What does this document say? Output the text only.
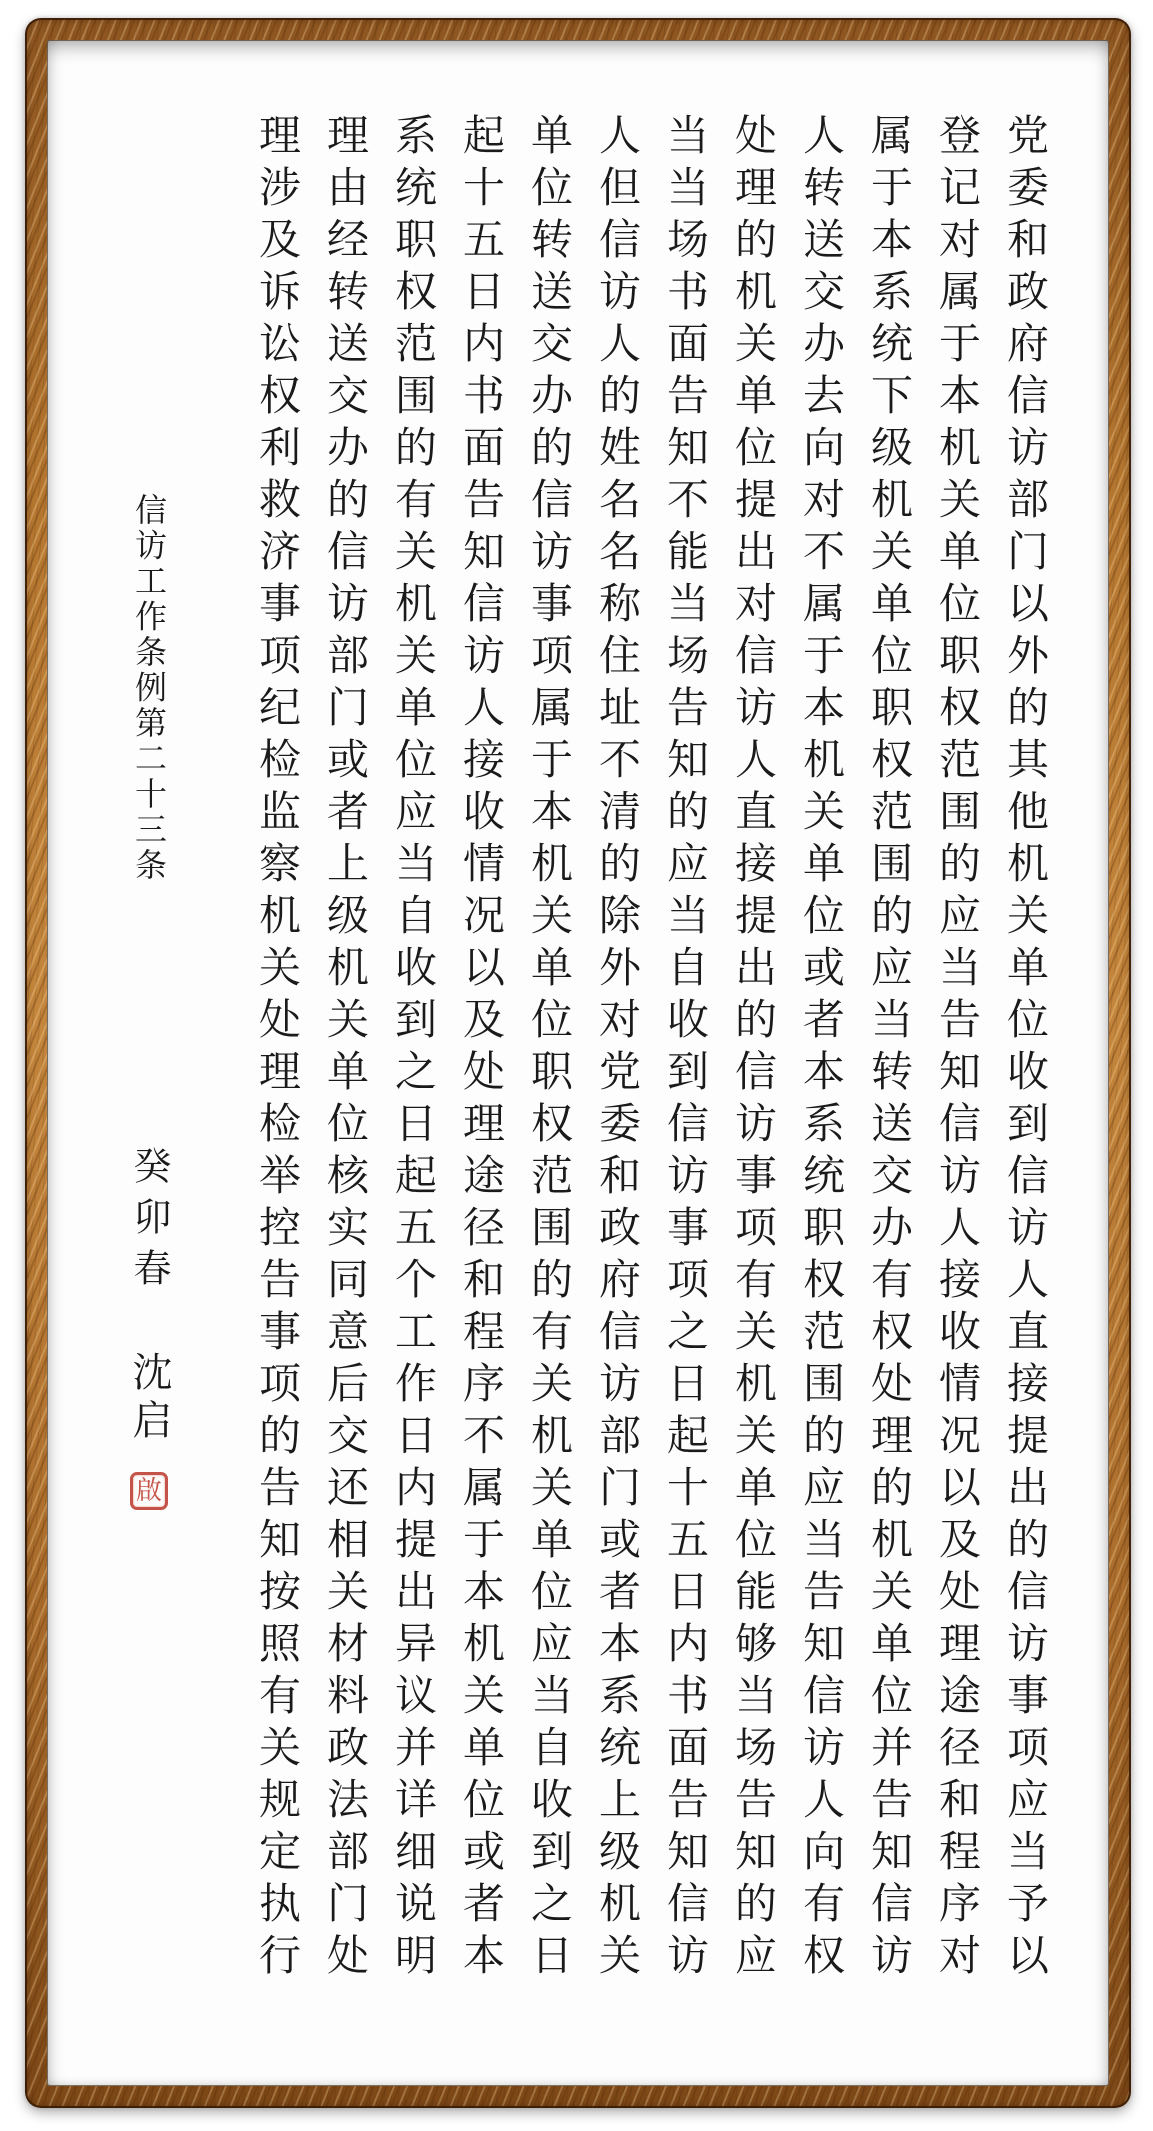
党委和政府信访部门以外的其他机关单位收到信访人直接提出的信访事项应当予以
登记对属于本机关单位职权范围的应当告知信访人接收情况以及处理途径和程序对
属于本系统下级机关单位职权范围的应当转送交办有权处理的机关单位并告知信访
人转送交办去向对不属于本机关单位或者本系统职权范围的应当告知信访人向有权
处理的机关单位提出对信访人直接提出的信访事项有关机关单位能够当场告知的应
当当场书面告知不能当场告知的应当自收到信访事项之日起十五日内书面告知信访
人但信访人的姓名名称住址不清的除外对党委和政府信访部门或者本系统上级机关
单位转送交办的信访事项属于本机关单位职权范围的有关机关单位应当自收到之日
起十五日内书面告知信访人接收情况以及处理途径和程序不属于本机关单位或者本
系统职权范围的有关机关单位应当自收到之日起五个工作日内提出异议并详细说明
理由经转送交办的信访部门或者上级机关单位核实同意后交还相关材料政法部门处
理涉及诉讼权利救济事项纪检监察机关处理检举控告事项的告知按照有关规定执行
信访工作条例第二十三条
癸卯春
沈启
啟
